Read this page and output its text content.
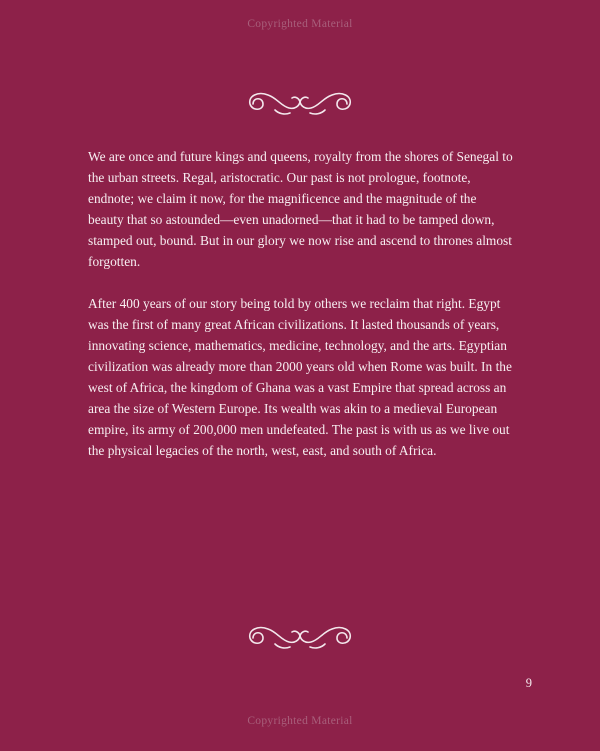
Copyrighted Material

We are once and future kings and queens, royalty from the shores of Senegal to the urban streets. Regal, aristocratic. Our past is not prologue, footnote, endnote; we claim it now, for the magnificence and the magnitude of the beauty that so astounded—even unadorned—that it had to be tamped down, stamped out, bound. But in our glory we now rise and ascend to thrones almost forgotten.

After 400 years of our story being told by others we reclaim that right. Egypt was the first of many great African civilizations. It lasted thousands of years, innovating science, mathematics, medicine, technology, and the arts. Egyptian civilization was already more than 2000 years old when Rome was built. In the west of Africa, the kingdom of Ghana was a vast Empire that spread across an area the size of Western Europe. Its wealth was akin to a medieval European empire, its army of 200,000 men undefeated. The past is with us as we live out the physical legacies of the north, west, east, and south of Africa.

9
Copyrighted Material
